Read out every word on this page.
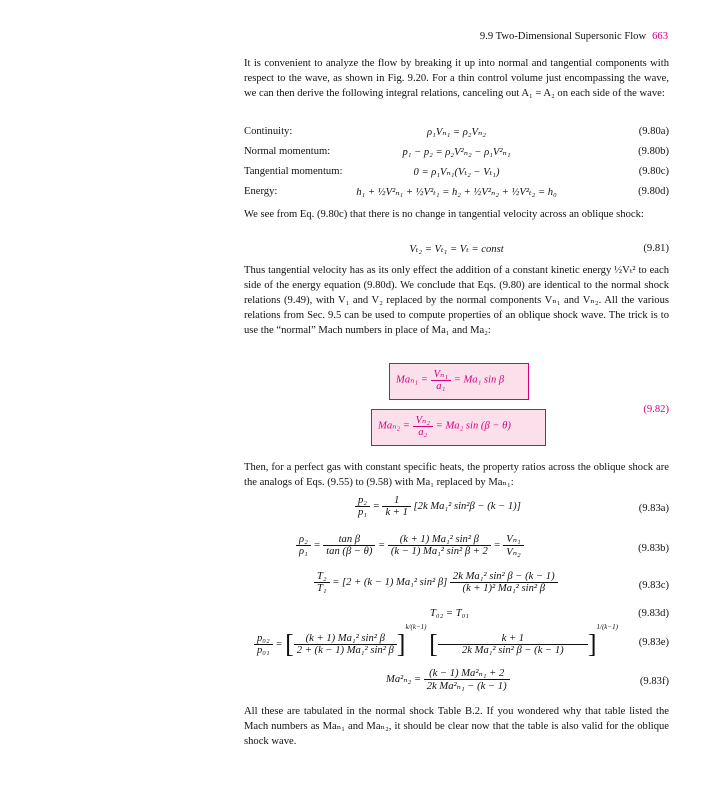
9.9 Two-Dimensional Supersonic Flow 663
It is convenient to analyze the flow by breaking it up into normal and tangential components with respect to the wave, as shown in Fig. 9.20. For a thin control volume just encompassing the wave, we can then derive the following integral relations, canceling out A₁ = A₂ on each side of the wave:
Continuity:	ρ₁Vₙ₁ = ρ₂Vₙ₂	(9.80a)
Normal momentum:	p₁ − p₂ = ρ₂V²ₙ₂ − ρ₁V²ₙ₁	(9.80b)
Tangential momentum:	0 = ρ₁Vₙ₁(Vₜ₂ − Vₜ₁)	(9.80c)
Energy:	h₁ + ½V²ₙ₁ + ½V²ₜ₁ = h₂ + ½V²ₙ₂ + ½V²ₜ₂ = h₀	(9.80d)
We see from Eq. (9.80c) that there is no change in tangential velocity across an oblique shock:
Vₜ₂ = Vₜ₁ = Vₜ = const	(9.81)
Thus tangential velocity has as its only effect the addition of a constant kinetic energy ½Vₜ² to each side of the energy equation (9.80d). We conclude that Eqs. (9.80) are identical to the normal shock relations (9.49), with V₁ and V₂ replaced by the normal components Vₙ₁ and Vₙ₂. All the various relations from Sec. 9.5 can be used to compute properties of an oblique shock wave. The trick is to use the “normal” Mach numbers in place of Ma₁ and Ma₂:
$Ma_{n1} = \frac{\text{Vₙ₁}}{\text{a₁}} = Ma_1$ sin β
(9.82)
$Ma_{n2} = \frac{\text{Vₙ₂}}{\text{a₂}} = Ma_2$ sin (β − θ)
Then, for a perfect gas with constant specific heats, the property ratios across the oblique shock are the analogs of Eqs. (9.55) to (9.58) with Ma₁ replaced by Maₙ₁:
$\frac{\text{p₂}}{\text{p₁}} = \frac{1}{k + 1} [2k$ Ma₁² sin²β − (k − 1)]	(9.83a)
$\frac{\text{ρ₂}}{\text{ρ₁}} = \frac{\text{tan β}}{\tan (\beta - \theta)} = \frac{\text{(k + 1) Ma₁² sin² β}}{\text{(k − 1) Ma₁² sin² β + 2}} = \frac{\text{Vₙ₁}}{\text{Vₙ₂}}$	(9.83b)
$\frac{\text{T₂}}{\text{T₁}} = [2 + (k - 1)$ Ma₁² sin² $\beta] \frac{\text{2k Ma₁² sin² β − (k − 1)}}{\text{(k + 1)² Ma₁² sin² β}}$	(9.83c)
T₀₂ = T₀₁	(9.83d)
$\frac{\text{p₀₂}}{\text{p₀₁}}$ = [ $\frac{\text{(k + 1) Ma₁² sin² β}}{\text{2 + (k − 1) Ma₁² sin² β}} ]^{k/(k-1)}$ [ $\frac{k + 1}{\text{2k Ma₁² sin² β − (k − 1)}} ]^{1/(k-1)}$
(9.83e)
$Ma^2_{n2} = \frac{\text{(k − 1) Ma²ₙ₁ + 2}}{\text{2k Ma²ₙ₁ − (k − 1)}}$	(9.83f)
All these are tabulated in the normal shock Table B.2. If you wondered why that table listed the Mach numbers as Maₙ₁ and Maₙ₂, it should be clear now that the table is also valid for the oblique shock wave.
